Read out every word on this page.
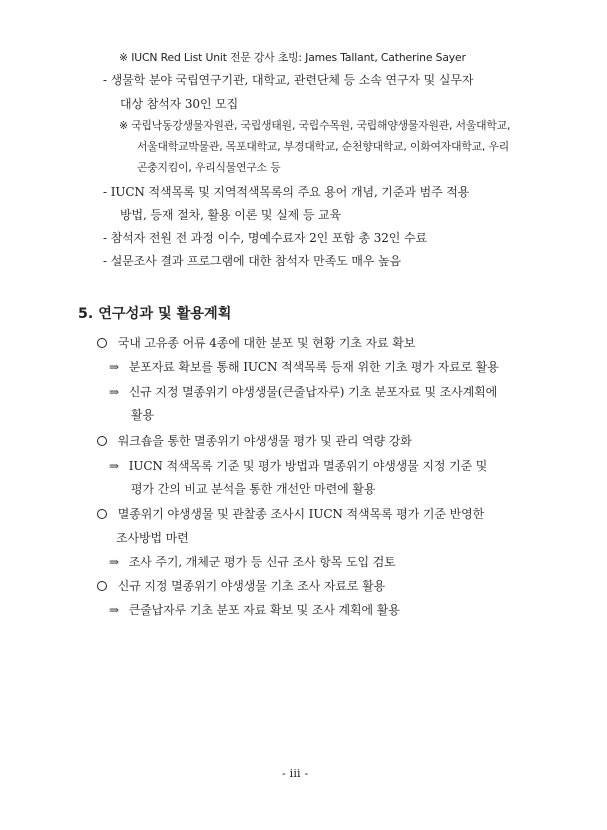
※ IUCN Red List Unit 전문 강사 초빙: James Tallant, Catherine Sayer
- 생물학 분야 국립연구기관, 대학교, 관련단체 등 소속 연구자 및 실무자
대상 참석자 30인 모집
※ 국립낙동강생물자원관, 국립생태원, 국립수목원, 국립해양생물자원관, 서울대학교,
서울대학교박물관, 목포대학교, 부경대학교, 순천향대학교, 이화여자대학교, 우리
곤충지킴이, 우리식물연구소 등
- IUCN 적색목록 및 지역적색목록의 주요 용어 개념, 기준과 범주 적용
방법, 등재 절차, 활용 이론 및 실제 등 교육
- 참석자 전원 전 과정 이수, 명예수료자 2인 포함 총 32인 수료
- 설문조사 결과 프로그램에 대한 참석자 만족도 매우 높음
5. 연구성과 및 활용계획
국내 고유종 어류 4종에 대한 분포 및 현황 기초 자료 확보
⇒ 분포자료 확보를 통해 IUCN 적색목록 등재 위한 기초 평가 자료로 활용
⇒ 신규 지정 멸종위기 야생생물(큰줄납자루) 기초 분포자료 및 조사계획에
활용
워크숍을 통한 멸종위기 야생생물 평가 및 관리 역량 강화
⇒ IUCN 적색목록 기준 및 평가 방법과 멸종위기 야생생물 지정 기준 및
평가 간의 비교 분석을 통한 개선안 마련에 활용
멸종위기 야생생물 및 관찰종 조사시 IUCN 적색목록 평가 기준 반영한
조사방법 마련
⇒ 조사 주기, 개체군 평가 등 신규 조사 항목 도입 검토
신규 지정 멸종위기 야생생물 기초 조사 자료로 활용
⇒ 큰줄납자루 기초 분포 자료 확보 및 조사 계획에 활용
- iii -
